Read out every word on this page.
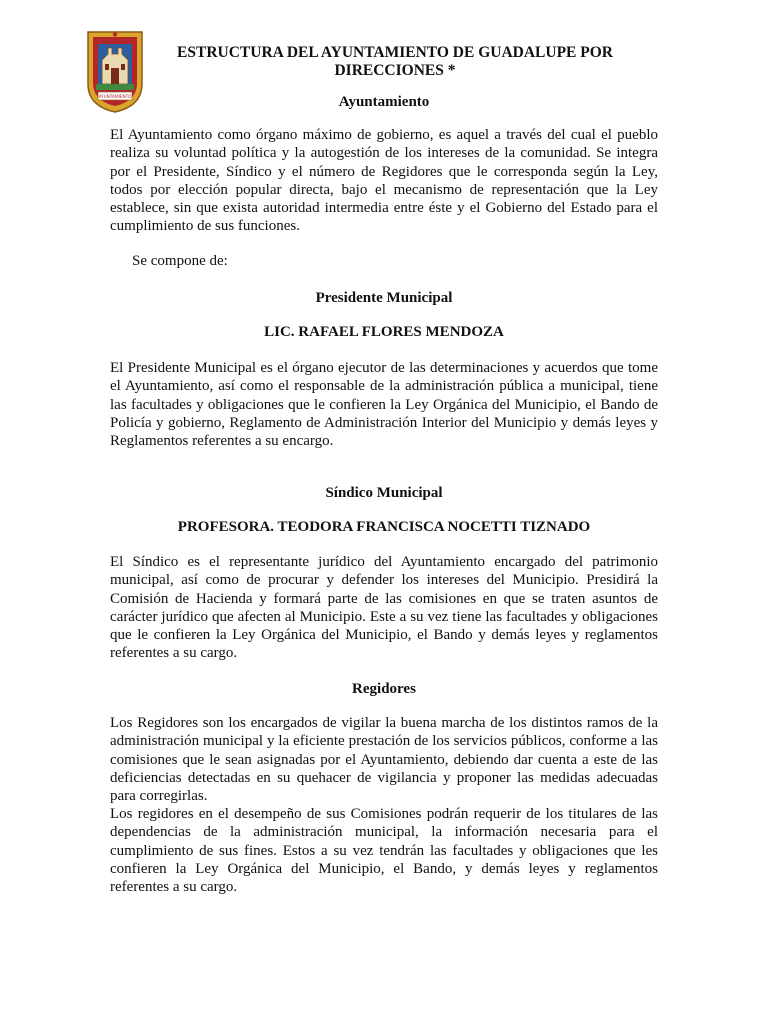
AYUNTAMIENTO
ESTRUCTURA DEL AYUNTAMIENTO DE GUADALUPE POR
DIRECCIONES *
Ayuntamiento
El Ayuntamiento como órgano máximo de gobierno, es aquel a través del cual el pueblo realiza su voluntad política y la autogestión de los intereses de la comunidad. Se integra por el Presidente, Síndico y el número de Regidores que le corresponda según la Ley, todos por elección popular directa, bajo el mecanismo de representación que la Ley establece, sin que exista autoridad intermedia entre éste y el Gobierno del Estado para el cumplimiento de sus funciones.
Se compone de:
Presidente Municipal
LIC. RAFAEL FLORES MENDOZA
El Presidente Municipal es el órgano ejecutor de las determinaciones y acuerdos que tome el Ayuntamiento, así como el responsable de la administración pública a municipal, tiene las facultades y obligaciones que le confieren la Ley Orgánica del Municipio, el Bando de Policía y gobierno, Reglamento de Administración Interior del Municipio y demás leyes y Reglamentos referentes a su encargo.
Síndico Municipal
PROFESORA. TEODORA FRANCISCA NOCETTI TIZNADO
El Síndico es el representante jurídico del Ayuntamiento encargado del patrimonio municipal, así como de procurar y defender los intereses del Municipio. Presidirá la Comisión de Hacienda y formará parte de las comisiones en que se traten asuntos de carácter jurídico que afecten al Municipio. Este a su vez tiene las facultades y obligaciones que le confieren la Ley Orgánica del Municipio, el Bando y demás leyes y reglamentos referentes a su cargo.
Regidores
Los Regidores son los encargados de vigilar la buena marcha de los distintos ramos de la administración municipal y la eficiente prestación de los servicios públicos, conforme a las comisiones que le sean asignadas por el Ayuntamiento, debiendo dar cuenta a este de las deficiencias detectadas en su quehacer de vigilancia y proponer las medidas adecuadas para corregirlas.
Los regidores en el desempeño de sus Comisiones podrán requerir de los titulares de las dependencias de la administración municipal, la información necesaria para el cumplimiento de sus fines. Estos a su vez tendrán las facultades y obligaciones que les confieren la Ley Orgánica del Municipio, el Bando, y demás leyes y reglamentos referentes a su cargo.
